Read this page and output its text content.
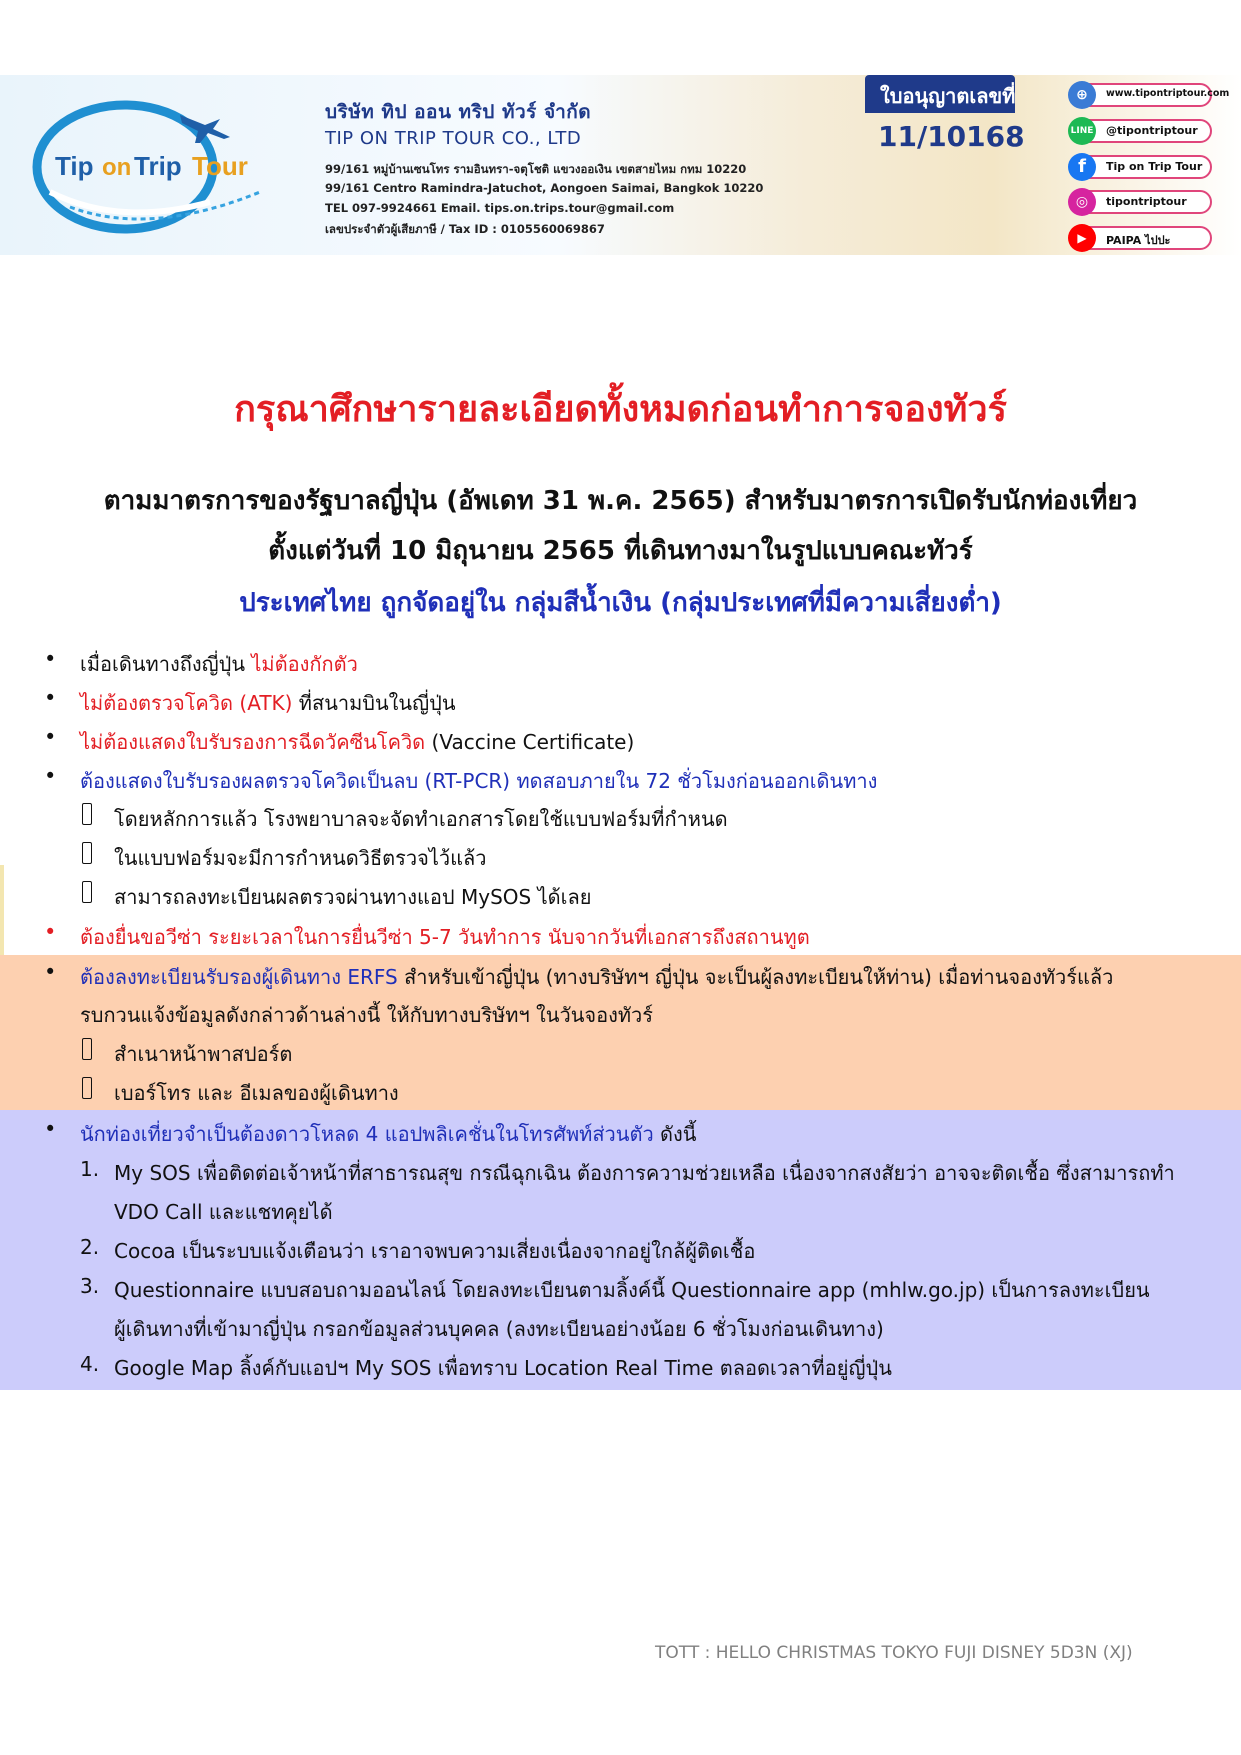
Tip on Trip Tour
บริษัท ทิป ออน ทริป ทัวร์ จำกัด
TIP ON TRIP TOUR CO., LTD
99/161 หมู่บ้านเซนโทร รามอินทรา-จตุโชติ แขวงออเงิน เขตสายไหม กทม 10220
99/161 Centro Ramindra-Jatuchot, Aongoen Saimai, Bangkok 10220
TEL 097-9924661 Email. tips.on.trips.tour@gmail.com
เลขประจำตัวผู้เสียภาษี / Tax ID : 0105560069867
ใบอนุญาตเลขที่
11/10168
⊕	www.tipontriptour.com
LINE @tipontriptour
f	Tip on Trip Tour
◎	tipontriptour
▶	PAIPA ไปปะ
กรุณาศึกษารายละเอียดทั้งหมดก่อนทำการจองทัวร์
ตามมาตรการของรัฐบาลญี่ปุ่น (อัพเดท 31 พ.ค. 2565) สำหรับมาตรการเปิดรับนักท่องเที่ยว
ตั้งแต่วันที่ 10 มิถุนายน 2565 ที่เดินทางมาในรูปแบบคณะทัวร์
ประเทศไทย ถูกจัดอยู่ใน กลุ่มสีน้ำเงิน (กลุ่มประเทศที่มีความเสี่ยงต่ำ)
• เมื่อเดินทางถึงญี่ปุ่น ไม่ต้องกักตัว
• ไม่ต้องตรวจโควิด (ATK) ที่สนามบินในญี่ปุ่น
• ไม่ต้องแสดงใบรับรองการฉีดวัคซีนโควิด (Vaccine Certificate)
• ต้องแสดงใบรับรองผลตรวจโควิดเป็นลบ (RT-PCR) ทดสอบภายใน 72 ชั่วโมงก่อนออกเดินทาง
โดยหลักการแล้ว โรงพยาบาลจะจัดทำเอกสารโดยใช้แบบฟอร์มที่กำหนด
ในแบบฟอร์มจะมีการกำหนดวิธีตรวจไว้แล้ว
สามารถลงทะเบียนผลตรวจผ่านทางแอป MySOS ได้เลย
• ต้องยื่นขอวีซ่า ระยะเวลาในการยื่นวีซ่า 5-7 วันทำการ นับจากวันที่เอกสารถึงสถานทูต
• ต้องลงทะเบียนรับรองผู้เดินทาง ERFS สำหรับเข้าญี่ปุ่น (ทางบริษัทฯ ญี่ปุ่น จะเป็นผู้ลงทะเบียนให้ท่าน) เมื่อท่านจองทัวร์แล้ว
รบกวนแจ้งข้อมูลดังกล่าวด้านล่างนี้ ให้กับทางบริษัทฯ ในวันจองทัวร์
สำเนาหน้าพาสปอร์ต
เบอร์โทร และ อีเมลของผู้เดินทาง
• นักท่องเที่ยวจำเป็นต้องดาวโหลด 4 แอปพลิเคชั่นในโทรศัพท์ส่วนตัว ดังนี้
1. My SOS เพื่อติดต่อเจ้าหน้าที่สาธารณสุข กรณีฉุกเฉิน ต้องการความช่วยเหลือ เนื่องจากสงสัยว่า อาจจะติดเชื้อ ซึ่งสามารถทำ
VDO Call และแชทคุยได้
2. Cocoa เป็นระบบแจ้งเตือนว่า เราอาจพบความเสี่ยงเนื่องจากอยู่ใกล้ผู้ติดเชื้อ
3. Questionnaire แบบสอบถามออนไลน์ โดยลงทะเบียนตามลิ้งค์นี้ Questionnaire app (mhlw.go.jp) เป็นการลงทะเบียน
ผู้เดินทางที่เข้ามาญี่ปุ่น กรอกข้อมูลส่วนบุคคล (ลงทะเบียนอย่างน้อย 6 ชั่วโมงก่อนเดินทาง)
4. Google Map ลิ้งค์กับแอปฯ My SOS เพื่อทราบ Location Real Time ตลอดเวลาที่อยู่ญี่ปุ่น
TOTT : HELLO CHRISTMAS TOKYO FUJI DISNEY 5D3N (XJ)
